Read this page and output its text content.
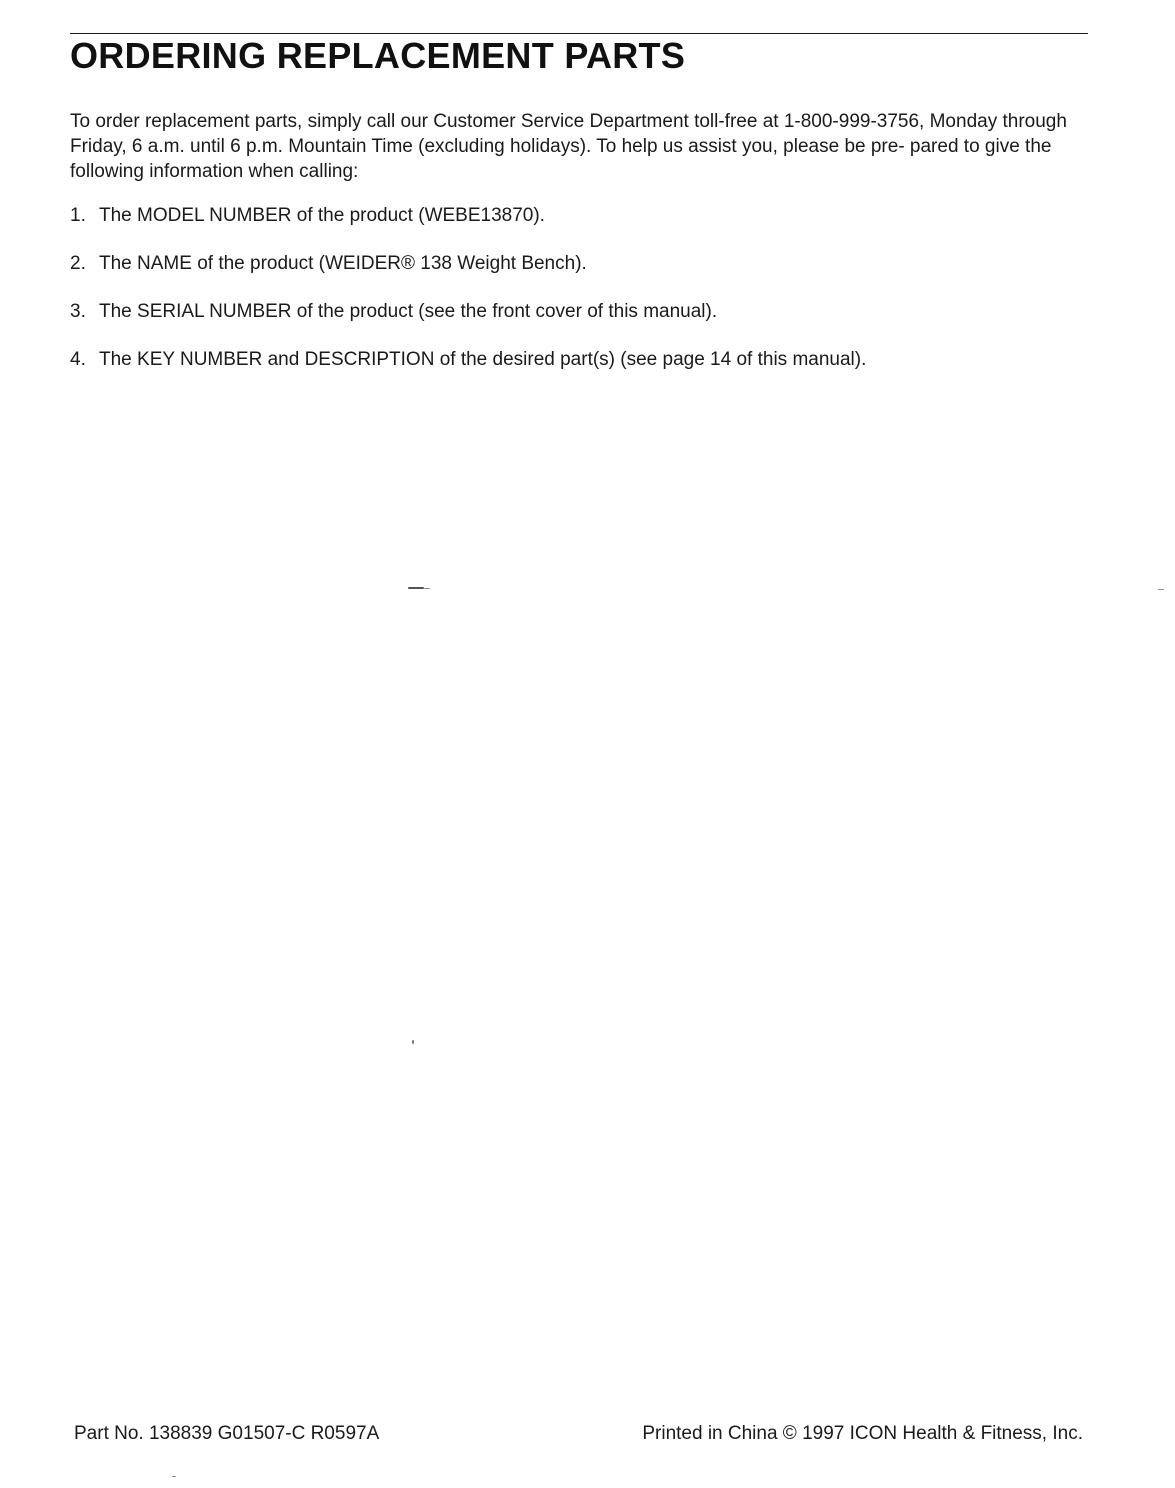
ORDERING REPLACEMENT PARTS

To order replacement parts, simply call our Customer Service Department toll-free at 1-800-999-3756, Monday through Friday, 6 a.m. until 6 p.m. Mountain Time (excluding holidays). To help us assist you, please be pre- pared to give the following information when calling:

1. The MODEL NUMBER of the product (WEBE13870).
2. The NAME of the product (WEIDER® 138 Weight Bench).
3. The SERIAL NUMBER of the product (see the front cover of this manual).
4. The KEY NUMBER and DESCRIPTION of the desired part(s) (see page 14 of this manual).
Part No. 138839 G01507-C R0597A	Printed in China © 1997 ICON Health & Fitness, Inc.
